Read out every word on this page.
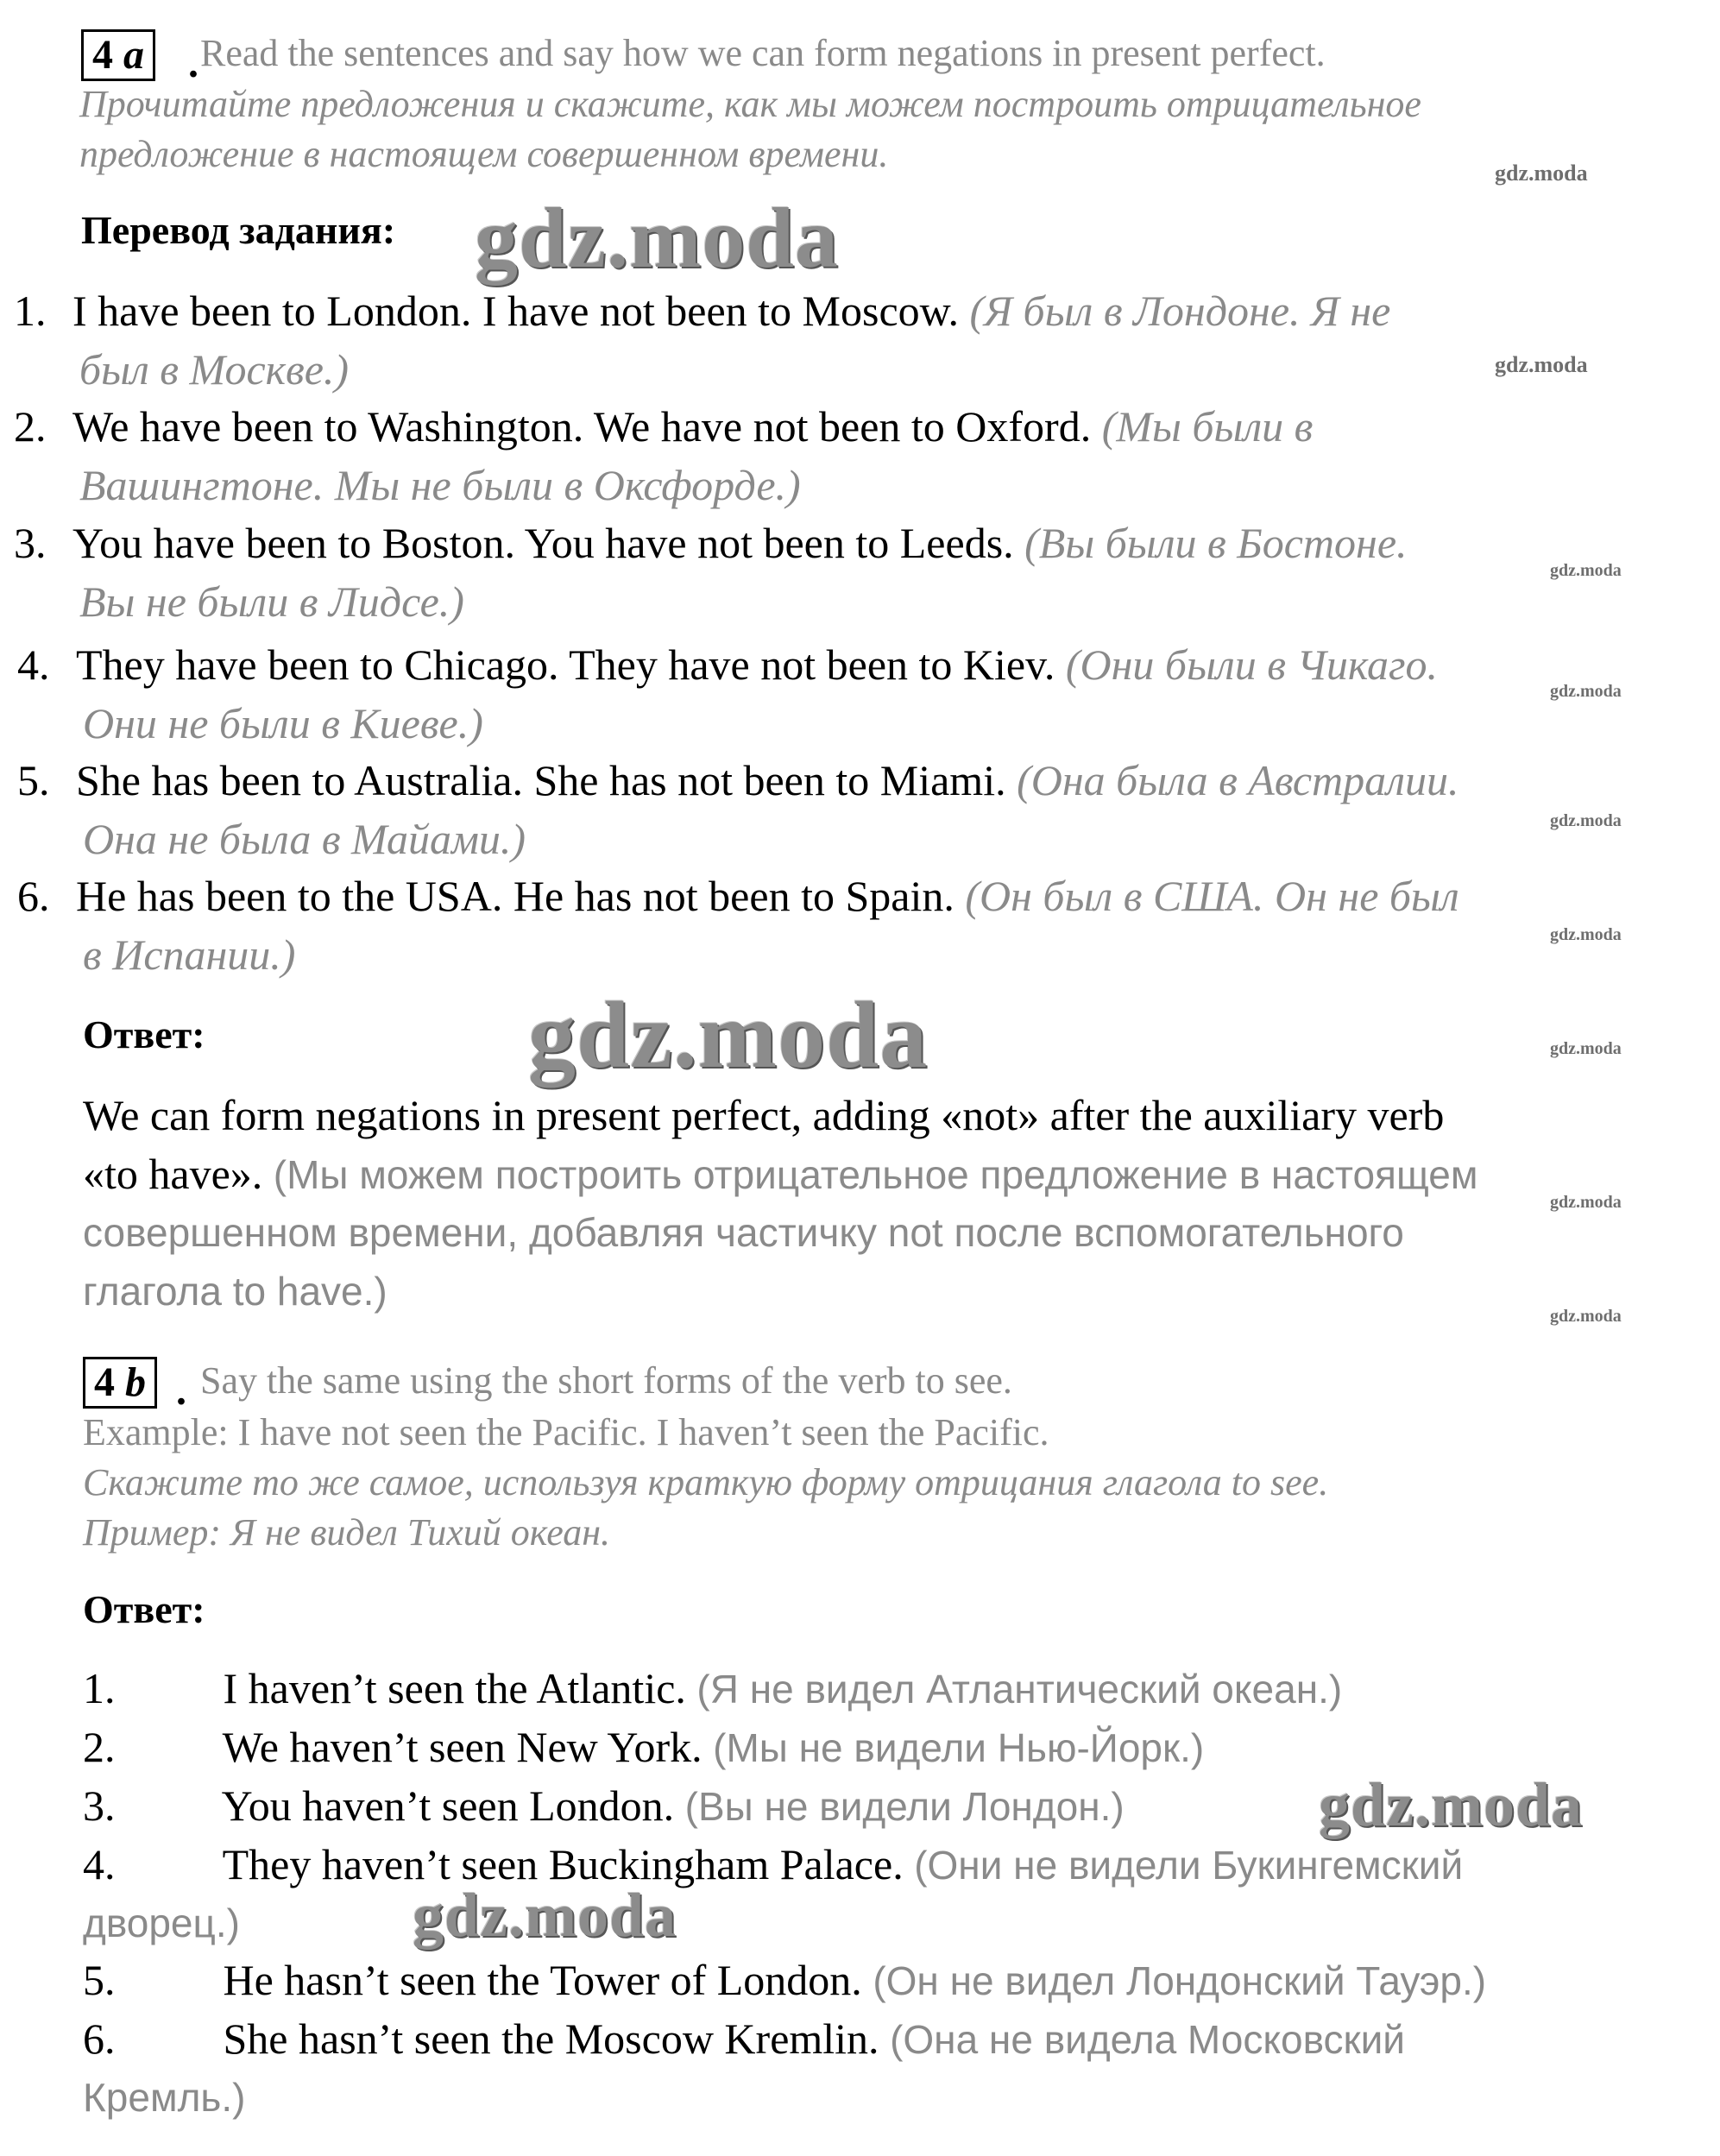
4 a . Read the sentences and say how we can form negations in present perfect.
Прочитайте предложения и скажите, как мы можем построить отрицательное
предложение в настоящем совершенном времени.
Перевод задания:
1. I have been to London. I have not been to Moscow. (Я был в Лондоне. Я не
был в Москве.)
2. We have been to Washington. We have not been to Oxford. (Мы были в
Вашингтоне. Мы не были в Оксфорде.)
3. You have been to Boston. You have not been to Leeds. (Вы были в Бостоне.
Вы не были в Лидсе.)
4. They have been to Chicago. They have not been to Kiev. (Они были в Чикаго.
Они не были в Киеве.)
5. She has been to Australia. She has not been to Miami. (Она была в Австралии.
Она не была в Майами.)
6. He has been to the USA. He has not been to Spain. (Он был в США. Он не был
в Испании.)
Ответ:
We can form negations in present perfect, adding «not» after the auxiliary verb
«to have». (Мы можем построить отрицательное предложение в настоящем
совершенном времени, добавляя частичку not после вспомогательного
глагола to have.)
4 b . Say the same using the short forms of the verb to see.
Example: I have not seen the Pacific. I haven’t seen the Pacific.
Скажите то же самое, используя краткую форму отрицания глагола to see.
Пример: Я не видел Тихий океан.
Ответ:
1.	I haven’t seen the Atlantic. (Я не видел Атлантический океан.)
2. We haven’t seen New York. (Мы не видели Нью-Йорк.)
3. You haven’t seen London. (Вы не видели Лондон.)
4. They haven’t seen Buckingham Palace. (Они не видели Букингемский
дворец.)
5.	He hasn’t seen the Tower of London. (Он не видел Лондонский Тауэр.)
6.	She hasn’t seen the Moscow Kremlin. (Она не видела Московский
Кремль.)
gdz.moda
gdz.moda
gdz.moda
gdz.moda
gdz.moda
gdz.moda
gdz.moda
gdz.moda
gdz.moda
gdz.moda
gdz.moda
gdz.moda
gdz.moda
